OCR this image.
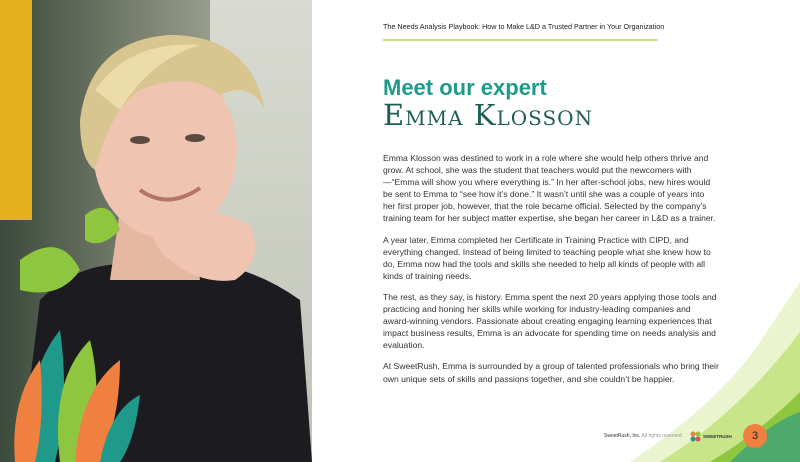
The Needs Analysis Playbook: How to Make L&D a Trusted Partner in Your Organization
Meet our expert
Emma Klosson

Emma Klosson was destined to work in a role where she would help others thrive and grow. At school, she was the student that teachers would put the newcomers with—“Emma will show you where everything is.” In her after-school jobs, new hires would be sent to Emma to “see how it’s done.” It wasn’t until she was a couple of years into her first proper job, however, that the role became official. Selected by the company’s training team for her subject matter expertise, she began her career in L&D as a trainer.

A year later, Emma completed her Certificate in Training Practice with CIPD, and everything changed. Instead of being limited to teaching people what she knew how to do, Emma now had the tools and skills she needed to help all kinds of people with all kinds of training needs.

The rest, as they say, is history. Emma spent the next 20 years applying those tools and practicing and honing her skills while working for industry-leading companies and award-winning vendors. Passionate about creating engaging learning experiences that impact business results, Emma is an advocate for spending time on needs analysis and evaluation.

At SweetRush, Emma is surrounded by a group of talented professionals who bring their own unique sets of skills and passions together, and she couldn’t be happier.

SweetRush, Inc. All rights reserved.	SWEETRUSH	3
